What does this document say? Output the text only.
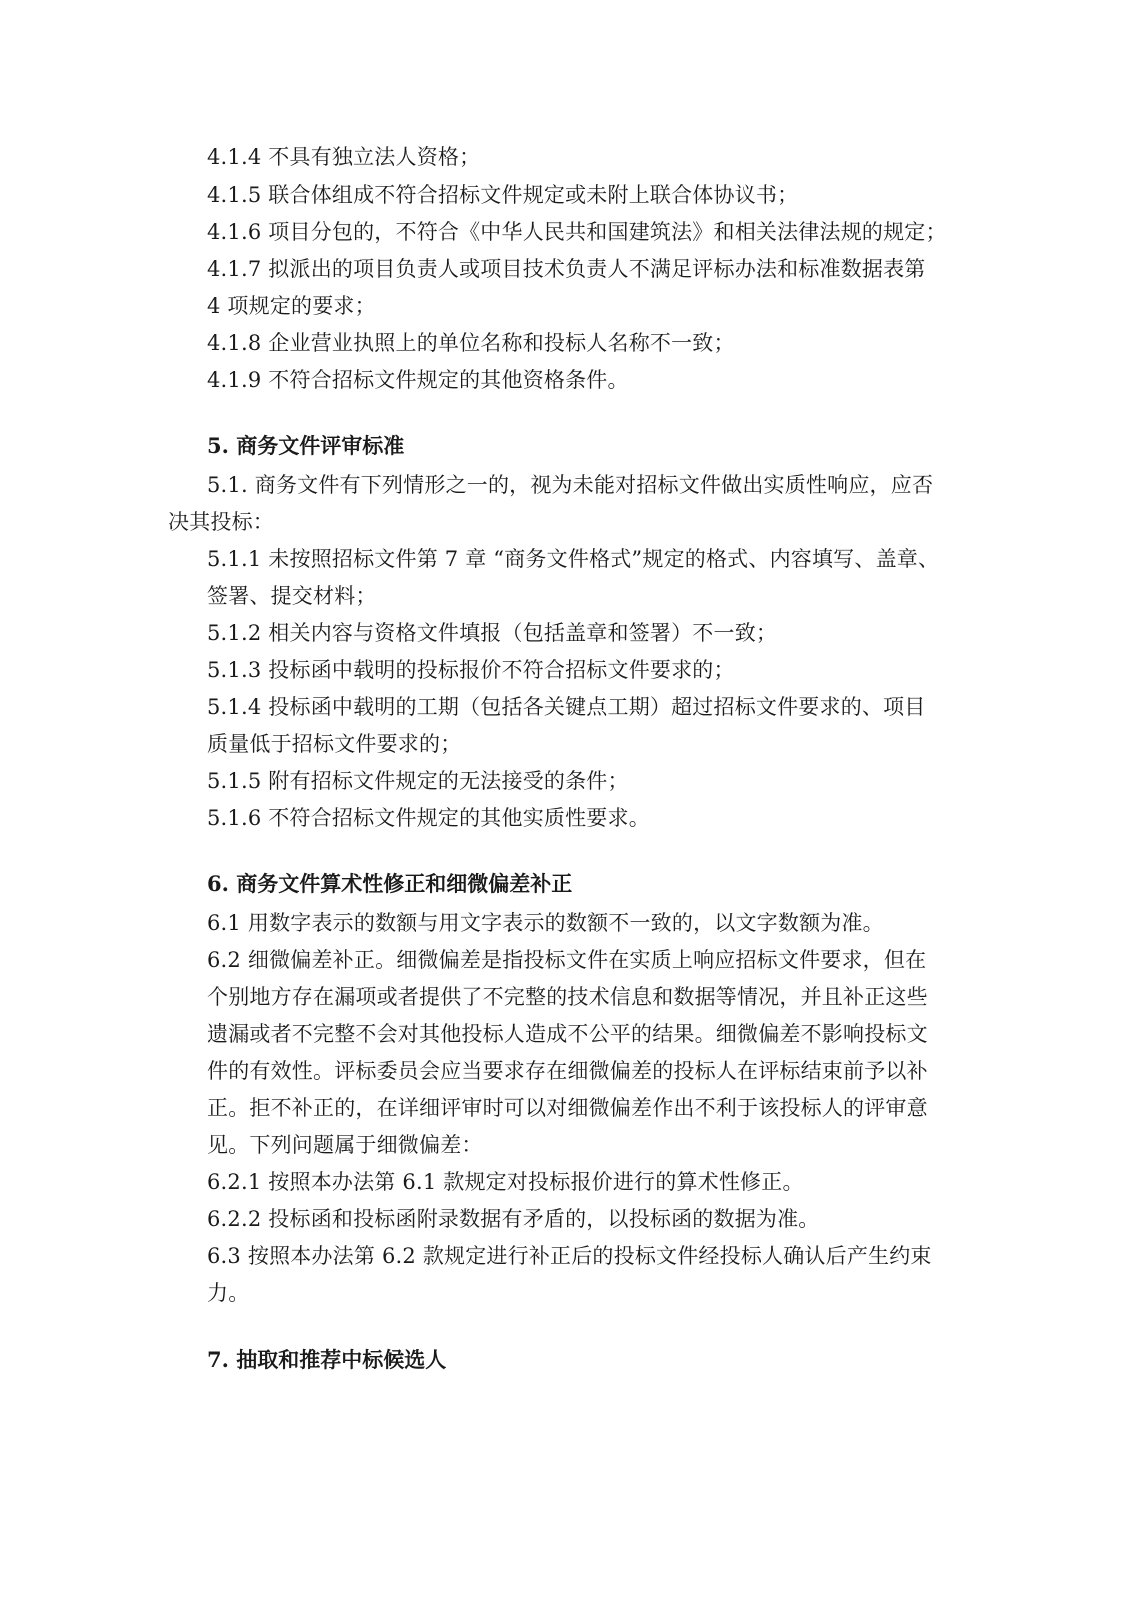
4.1.4 不具有独立法人资格；
4.1.5 联合体组成不符合招标文件规定或未附上联合体协议书；
4.1.6 项目分包的，不符合《中华人民共和国建筑法》和相关法律法规的规定；
4.1.7 拟派出的项目负责人或项目技术负责人不满足评标办法和标准数据表第
4 项规定的要求；
4.1.8 企业营业执照上的单位名称和投标人名称不一致；
4.1.9 不符合招标文件规定的其他资格条件。
5. 商务文件评审标准
5.1. 商务文件有下列情形之一的，视为未能对招标文件做出实质性响应，应否
决其投标：
5.1.1 未按照招标文件第 7 章 “商务文件格式”规定的格式、内容填写、盖章、
签署、提交材料；
5.1.2 相关内容与资格文件填报（包括盖章和签署）不一致；
5.1.3 投标函中载明的投标报价不符合招标文件要求的；
5.1.4 投标函中载明的工期（包括各关键点工期）超过招标文件要求的、项目
质量低于招标文件要求的；
5.1.5 附有招标文件规定的无法接受的条件；
5.1.6 不符合招标文件规定的其他实质性要求。
6. 商务文件算术性修正和细微偏差补正
6.1 用数字表示的数额与用文字表示的数额不一致的，以文字数额为准。
6.2 细微偏差补正。细微偏差是指投标文件在实质上响应招标文件要求，但在
个别地方存在漏项或者提供了不完整的技术信息和数据等情况，并且补正这些
遗漏或者不完整不会对其他投标人造成不公平的结果。细微偏差不影响投标文
件的有效性。评标委员会应当要求存在细微偏差的投标人在评标结束前予以补
正。拒不补正的，在详细评审时可以对细微偏差作出不利于该投标人的评审意
见。下列问题属于细微偏差：
6.2.1 按照本办法第 6.1 款规定对投标报价进行的算术性修正。
6.2.2 投标函和投标函附录数据有矛盾的，以投标函的数据为准。
6.3 按照本办法第 6.2 款规定进行补正后的投标文件经投标人确认后产生约束
力。
7. 抽取和推荐中标候选人
